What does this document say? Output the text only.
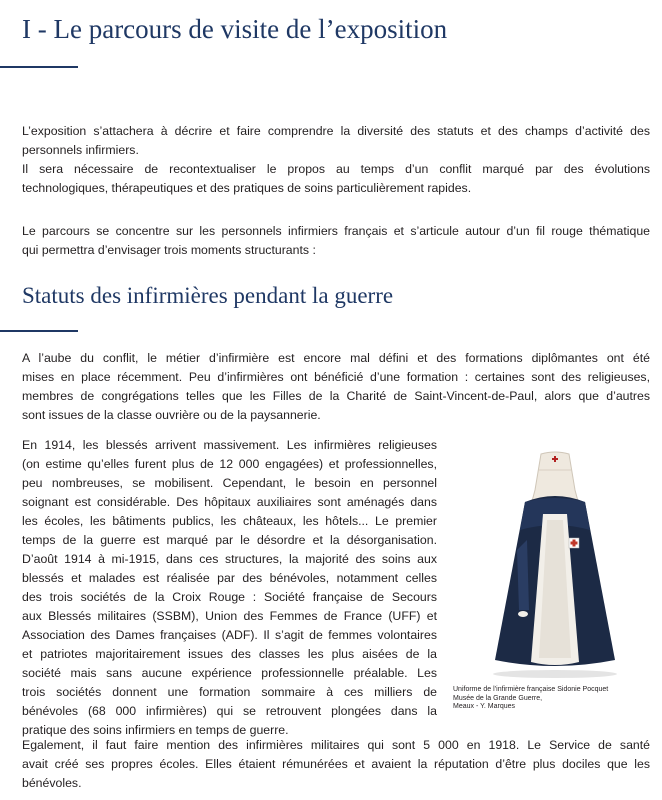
I - Le parcours de visite de l’exposition
L’exposition s’attachera à décrire et faire comprendre la diversité des statuts et des champs d’activité des
personnels infirmiers.
Il sera nécessaire de recontextualiser le propos au temps d’un conflit marqué par des évolutions
technologiques, thérapeutiques et des pratiques de soins particulièrement rapides.
Le parcours se concentre sur les personnels infirmiers français et s’articule autour d’un fil rouge thématique
qui permettra d’envisager trois moments structurants :
Statuts des infirmières pendant la guerre
A l’aube du conflit, le métier d’infirmière est encore mal défini et des formations diplômantes ont été
mises en place récemment. Peu d’infirmières ont bénéficié d’une formation : certaines sont des religieuses,
membres de congrégations telles que les Filles de la Charité de Saint-Vincent-de-Paul, alors que d’autres
sont issues de la classe ouvrière ou de la paysannerie.
En 1914, les blessés arrivent massivement. Les infirmières religieuses
(on estime qu’elles furent plus de 12 000 engagées) et professionnelles,
peu nombreuses, se mobilisent. Cependant, le besoin en personnel
soignant est considérable. Des hôpitaux auxiliaires sont aménagés dans
les écoles, les bâtiments publics, les châteaux, les hôtels... Le premier
temps de la guerre est marqué par le désordre et la désorganisation.
D’août 1914 à mi-1915, dans ces structures, la majorité des soins aux
blessés et malades est réalisée par des bénévoles, notamment celles
des trois sociétés de la Croix Rouge : Société française de Secours
aux Blessés militaires (SSBM), Union des Femmes de France (UFF) et
Association des Dames françaises (ADF). Il s’agit de femmes volontaires
et patriotes majoritairement issues des classes les plus aisées de la
société mais sans aucune expérience professionnelle préalable. Les
trois sociétés donnent une formation sommaire à ces milliers de
bénévoles (68 000 infirmières) qui se retrouvent plongées dans la
pratique des soins infirmiers en temps de guerre.
Uniforme de l’infirmière française Sidonie Pocquet
Musée de la Grande Guerre,
Meaux - Y. Marques
Egalement, il faut faire mention des infirmières militaires qui sont 5 000 en 1918. Le Service de santé
avait créé ses propres écoles. Elles étaient rémunérées et avaient la réputation d’être plus dociles que les
bénévoles.
